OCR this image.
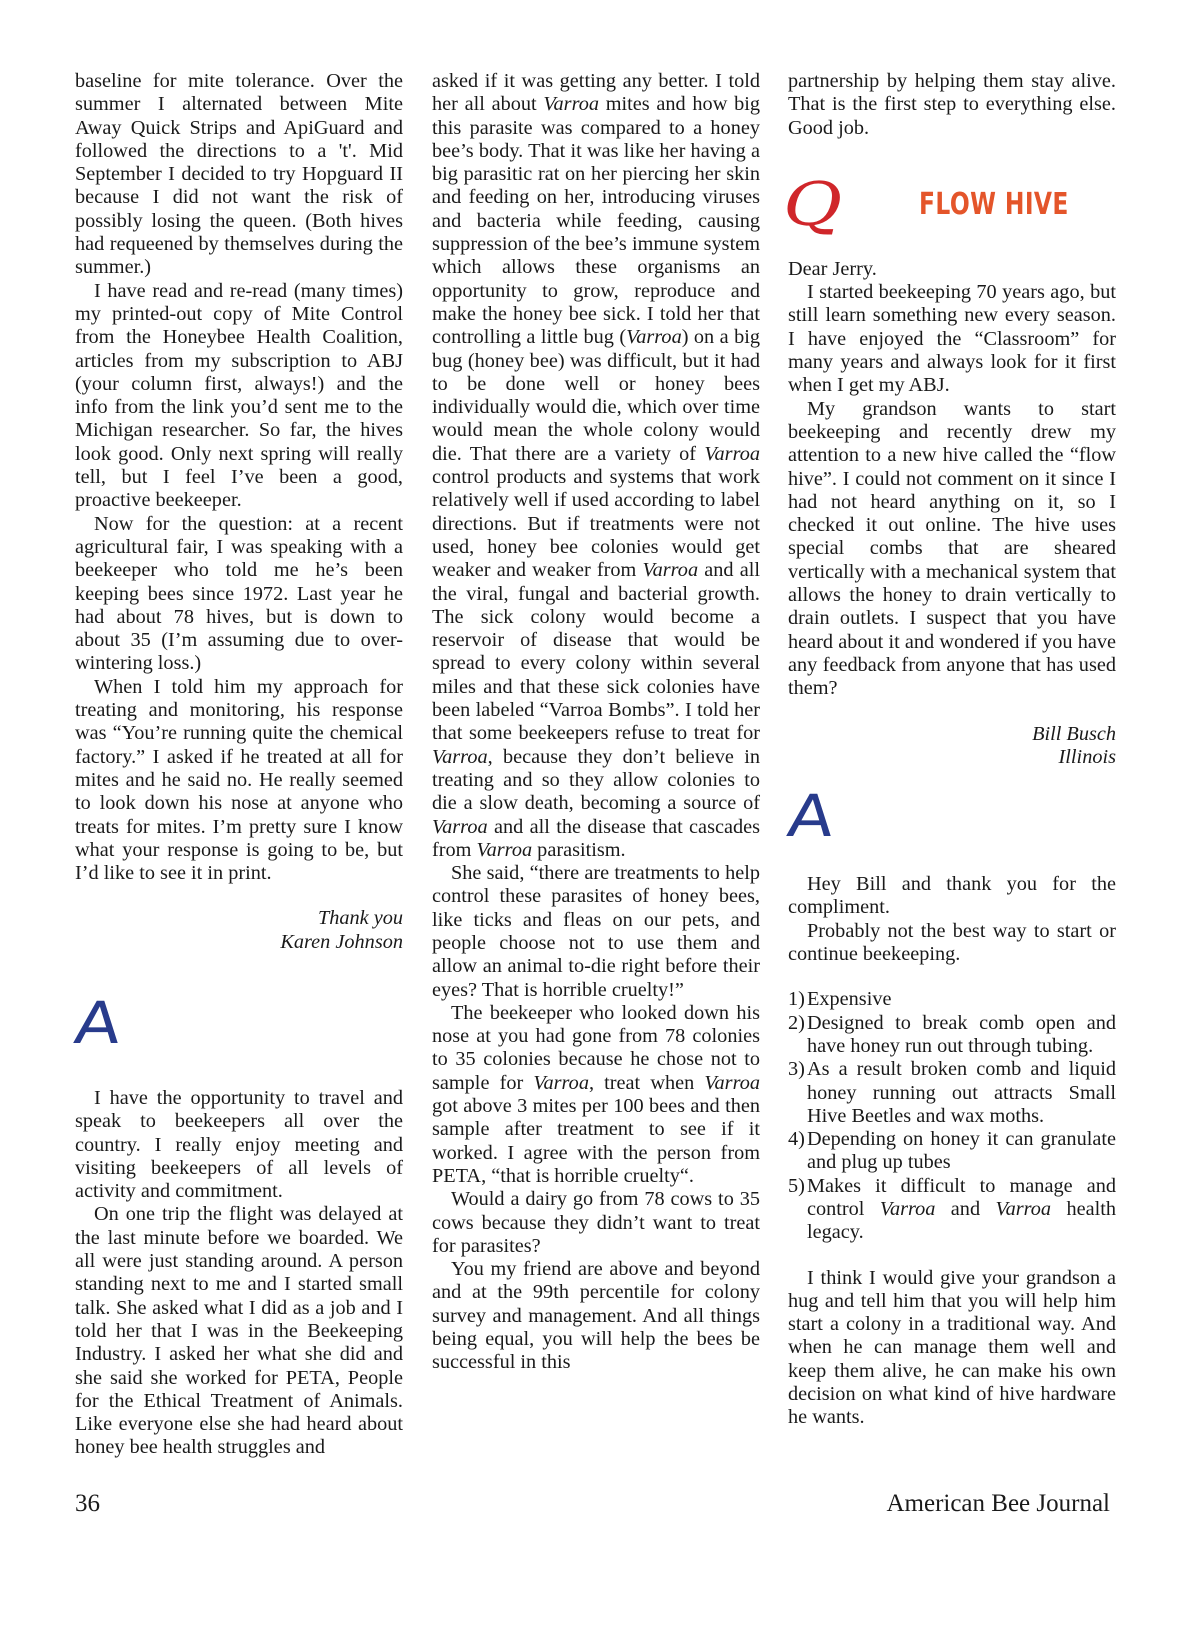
baseline for mite tolerance. Over the summer I alternated between Mite Away Quick Strips and ApiGuard and followed the directions to a 't'. Mid September I decided to try Hopguard II because I did not want the risk of possibly losing the queen. (Both hives had requeened by themselves during the summer.)

I have read and re-read (many times) my printed-out copy of Mite Control from the Honeybee Health Coalition, articles from my subscription to ABJ (your column first, always!) and the info from the link you’d sent me to the Michigan researcher. So far, the hives look good. Only next spring will really tell, but I feel I’ve been a good, proactive beekeeper.

Now for the question: at a recent agricultural fair, I was speaking with a beekeeper who told me he’s been keeping bees since 1972. Last year he had about 78 hives, but is down to about 35 (I’m assuming due to over-wintering loss.)

When I told him my approach for treating and monitoring, his response was “You’re running quite the chemical factory.” I asked if he treated at all for mites and he said no. He really seemed to look down his nose at anyone who treats for mites. I’m pretty sure I know what your response is going to be, but I’d like to see it in print.

Thank you

Karen Johnson

A

I have the opportunity to travel and speak to beekeepers all over the country. I really enjoy meeting and visiting beekeepers of all levels of activity and commitment.

On one trip the flight was delayed at the last minute before we boarded. We all were just standing around. A person standing next to me and I started small talk. She asked what I did as a job and I told her that I was in the Beekeeping Industry. I asked her what she did and she said she worked for PETA, People for the Ethical Treatment of Animals. Like everyone else she had heard about honey bee health struggles and

asked if it was getting any better. I told her all about Varroa mites and how big this parasite was compared to a honey bee’s body. That it was like her having a big parasitic rat on her piercing her skin and feeding on her, introducing viruses and bacteria while feeding, causing suppression of the bee’s immune system which allows these organisms an opportunity to grow, reproduce and make the honey bee sick. I told her that controlling a little bug (Varroa) on a big bug (honey bee) was difficult, but it had to be done well or honey bees individually would die, which over time would mean the whole colony would die. That there are a variety of Varroa control products and systems that work relatively well if used according to label directions. But if treatments were not used, honey bee colonies would get weaker and weaker from Varroa and all the viral, fungal and bacterial growth. The sick colony would become a reservoir of disease that would be spread to every colony within several miles and that these sick colonies have been labeled “Varroa Bombs”. I told her that some beekeepers refuse to treat for Varroa, because they don’t believe in treating and so they allow colonies to die a slow death, becoming a source of Varroa and all the disease that cascades from Varroa parasitism.

She said, “there are treatments to help control these parasites of honey bees, like ticks and fleas on our pets, and people choose not to use them and allow an animal to-die right before their eyes? That is horrible cruelty!”

The beekeeper who looked down his nose at you had gone from 78 colonies to 35 colonies because he chose not to sample for Varroa, treat when Varroa got above 3 mites per 100 bees and then sample after treatment to see if it worked. I agree with the person from PETA, “that is horrible cruelty“.

Would a dairy go from 78 cows to 35 cows because they didn’t want to treat for parasites?

You my friend are above and beyond and at the 99th percentile for colony survey and management. And all things being equal, you will help the bees be successful in this

partnership by helping them stay alive. That is the first step to everything else. Good job.

Q	FLOW HIVE

Dear Jerry.

I started beekeeping 70 years ago, but still learn something new every season. I have enjoyed the “Classroom” for many years and always look for it first when I get my ABJ.

My grandson wants to start beekeeping and recently drew my attention to a new hive called the “flow hive”. I could not comment on it since I had not heard anything on it, so I checked it out online. The hive uses special combs that are sheared vertically with a mechanical system that allows the honey to drain vertically to drain outlets. I suspect that you have heard about it and wondered if you have any feedback from anyone that has used them?

Bill Busch

Illinois

A

Hey Bill and thank you for the compliment.

Probably not the best way to start or continue beekeeping.

1) Expensive
2) Designed to break comb open and have honey run out through tubing.
3) As a result broken comb and liquid honey running out attracts Small Hive Beetles and wax moths.
4) Depending on honey it can granulate and plug up tubes
5) Makes it difficult to manage and control Varroa and Varroa health legacy.

I think I would give your grandson a hug and tell him that you will help him start a colony in a traditional way. And when he can manage them well and keep them alive, he can make his own decision on what kind of hive hardware he wants.

36	American Bee Journal
